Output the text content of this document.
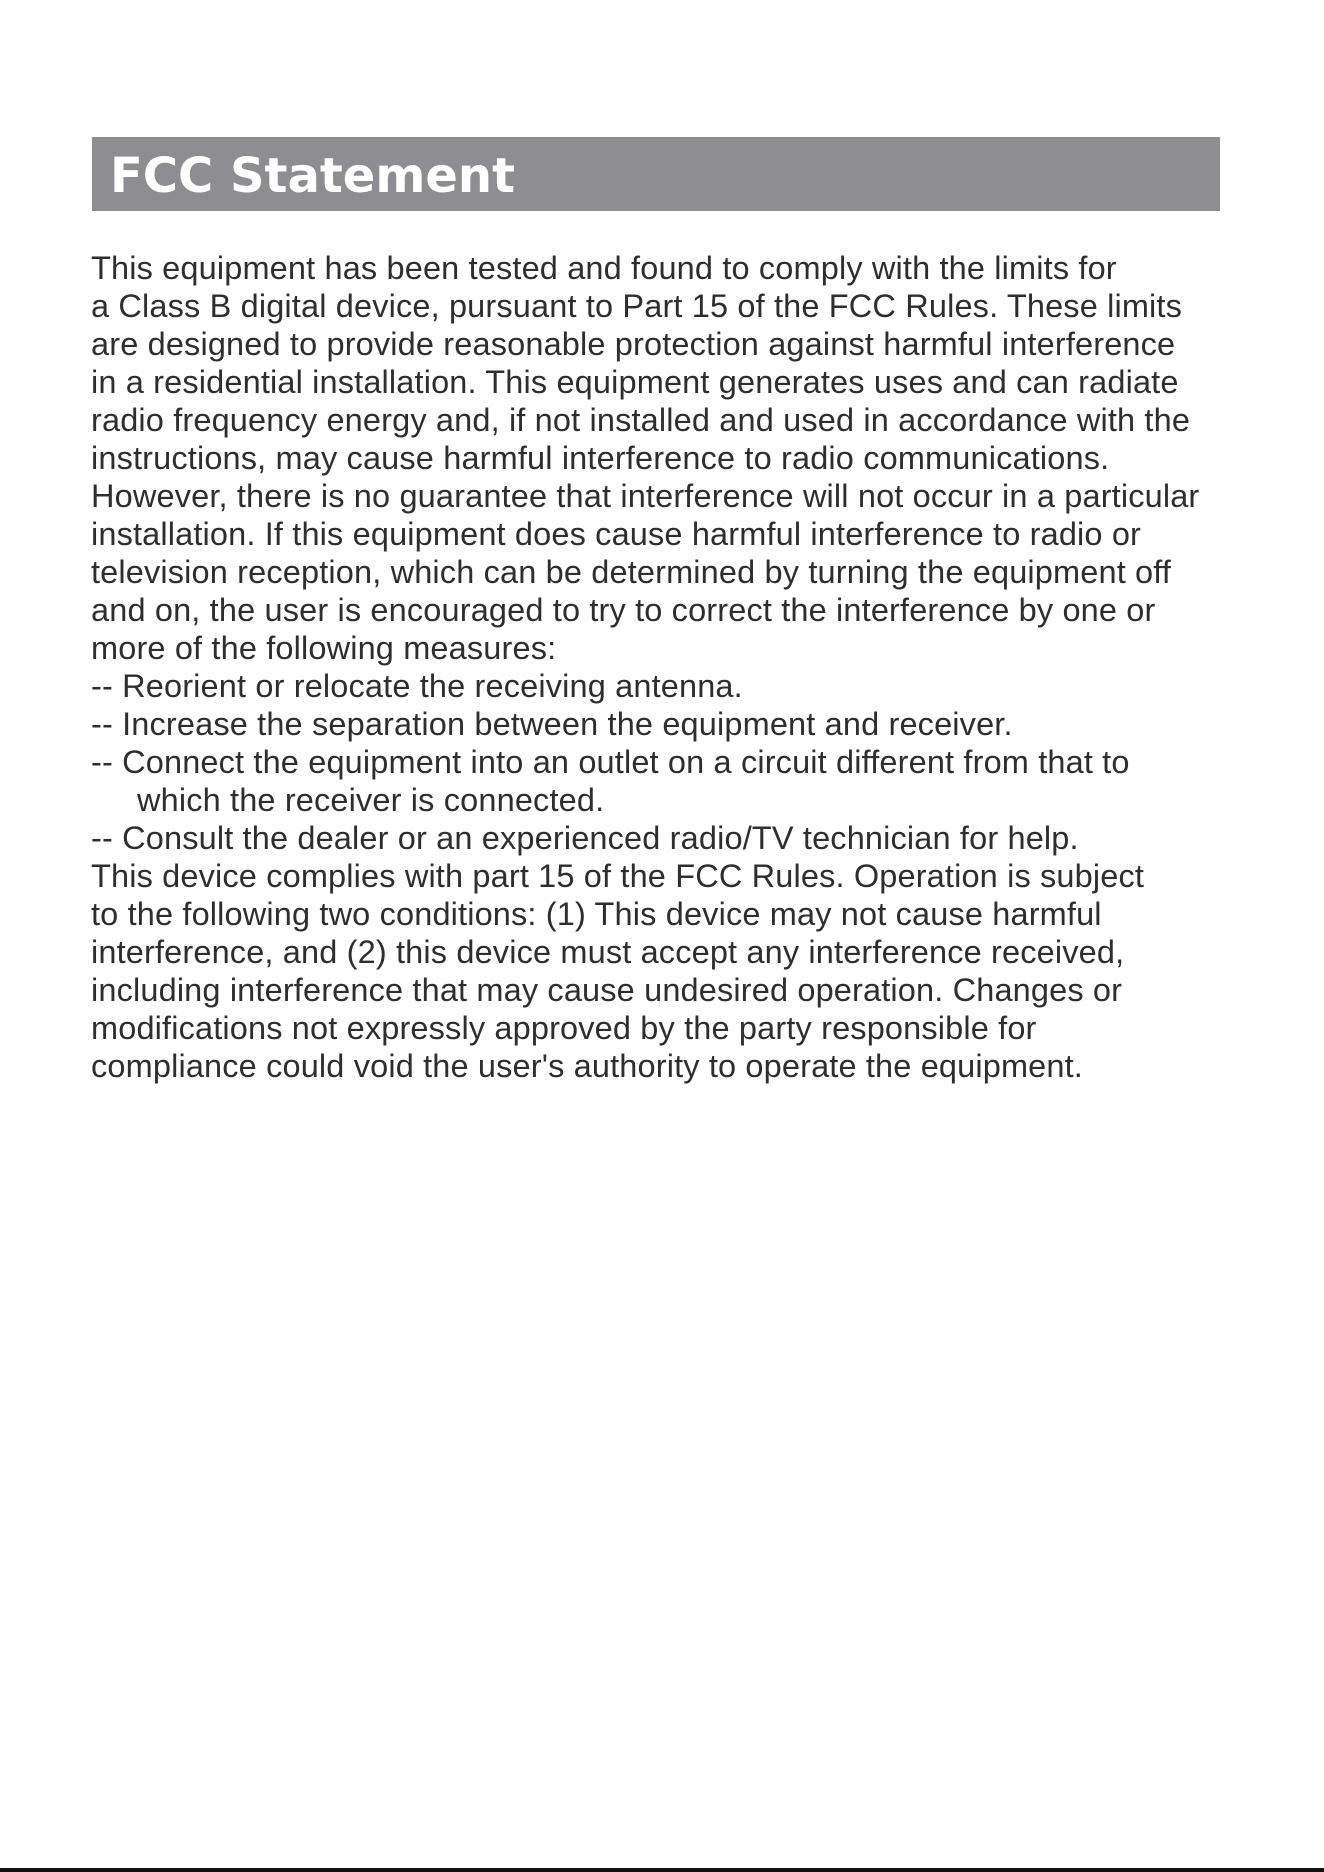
FCC Statement
This equipment has been tested and found to comply with the limits for
a Class B digital device, pursuant to Part 15 of the FCC Rules. These limits
are designed to provide reasonable protection against harmful interference
in a residential installation. This equipment generates uses and can radiate
radio frequency energy and, if not installed and used in accordance with the
instructions, may cause harmful interference to radio communications.
However, there is no guarantee that interference will not occur in a particular
installation. If this equipment does cause harmful interference to radio or
television reception, which can be determined by turning the equipment off
and on, the user is encouraged to try to correct the interference by one or
more of the following measures:
-- Reorient or relocate the receiving antenna.
-- Increase the separation between the equipment and receiver.
-- Connect the equipment into an outlet on a circuit different from that to
which the receiver is connected.
-- Consult the dealer or an experienced radio/TV technician for help.
This device complies with part 15 of the FCC Rules. Operation is subject
to the following two conditions: (1) This device may not cause harmful
interference, and (2) this device must accept any interference received,
including interference that may cause undesired operation. Changes or
modifications not expressly approved by the party responsible for
compliance could void the user's authority to operate the equipment.
